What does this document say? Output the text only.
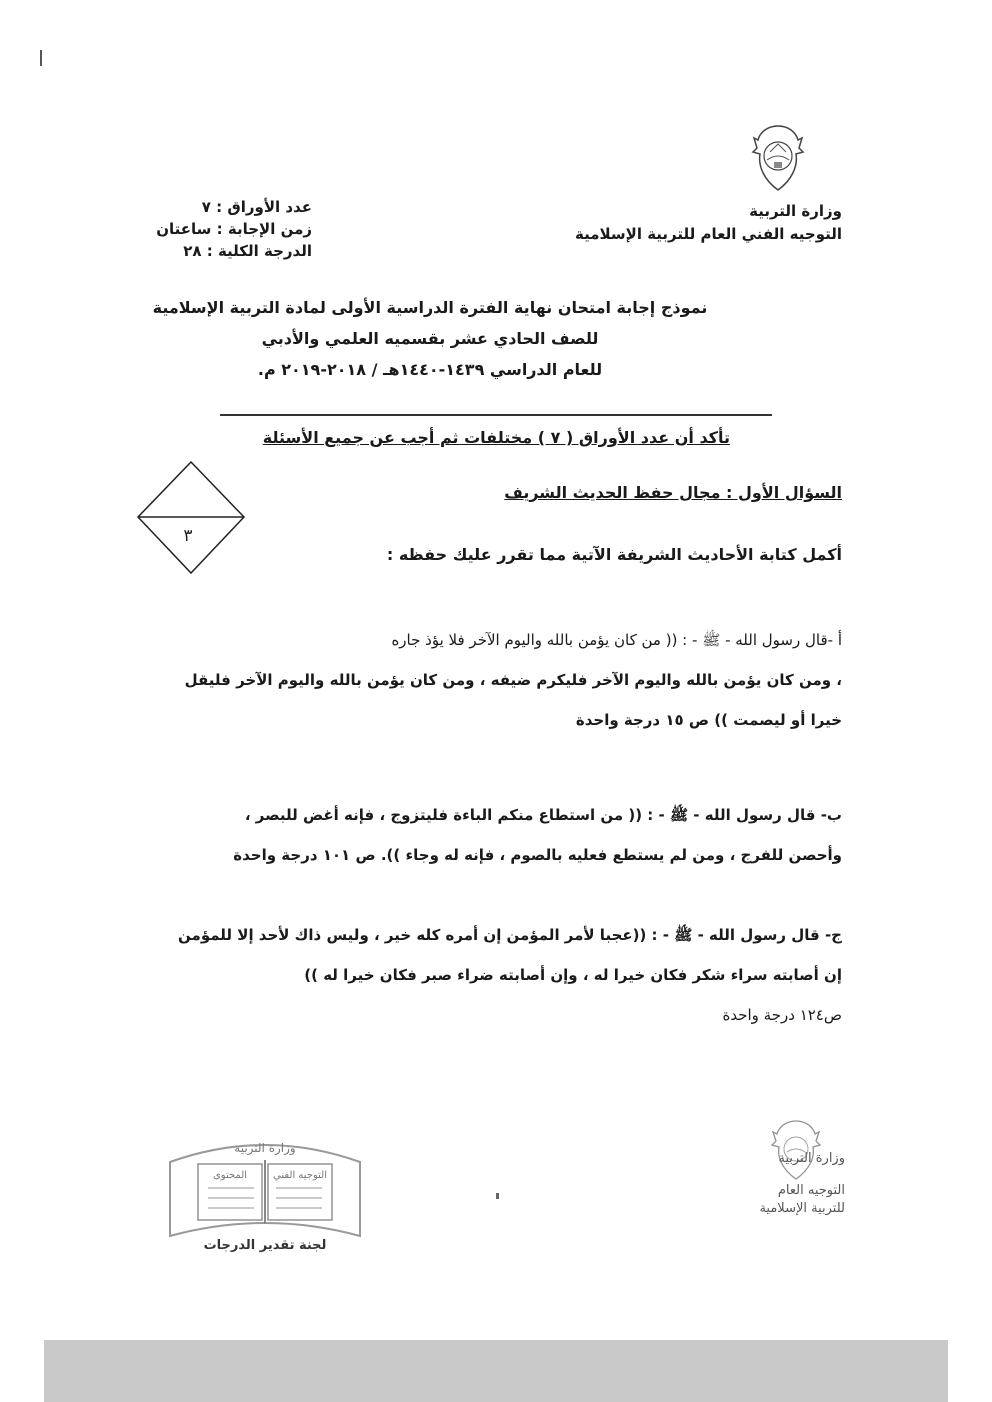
وزارة التربية
التوجيه الفني العام للتربية الإسلامية
عدد الأوراق : ٧
زمن الإجابة : ساعتان
الدرجة الكلية : ٢٨
نموذج إجابة امتحان نهاية الفترة الدراسية الأولى لمادة التربية الإسلامية
للصف الحادي عشر بقسميه العلمي والأدبي
للعام الدراسي ١٤٣٩-١٤٤٠هـ / ٢٠١٨-٢٠١٩ م.
تأكد أن عدد الأوراق ( ٧ ) مختلفات ثم أجب عن جميع الأسئلة
٣
السؤال الأول : مجال حفظ الحديث الشريف
أكمل كتابة الأحاديث الشريفة الآتية مما تقرر عليك حفظه :
أ -قال رسول الله - ﷺ - : (( من كان يؤمن بالله واليوم الآخر فلا يؤذ جاره
، ومن كان يؤمن بالله واليوم الآخر فليكرم ضيفه ، ومن كان يؤمن بالله واليوم الآخر فليقل
خيرا أو ليصمت )) ص ١٥ درجة واحدة
ب- قال رسول الله - ﷺ - : (( من استطاع منكم الباءة فليتزوج ، فإنه أغض للبصر ،
وأحصن للفرج ، ومن لم يستطع فعليه بالصوم ، فإنه له وجاء )). ص ١٠١ درجة واحدة
ج- قال رسول الله - ﷺ - : ((عجبا لأمر المؤمن إن أمره كله خير ، وليس ذاك لأحد إلا للمؤمن
إن أصابته سراء شكر فكان خيرا له ، وإن أصابته ضراء صبر فكان خيرا له ))
ص١٢٤ درجة واحدة
وزارة التربية
المحتوى	التوجيه الفني
لجنة تقدير الدرجات
وزارة التربية
التوجيه العام
للتربية الإسلامية
